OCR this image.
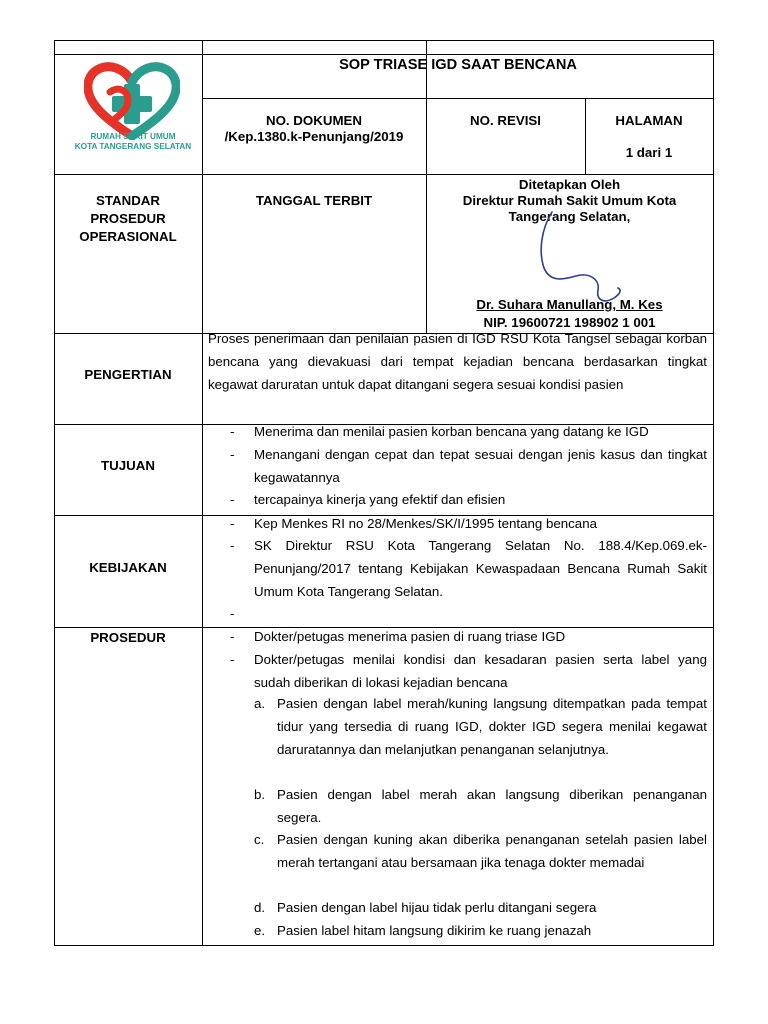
RUMAH SAKIT UMUM
KOTA TANGERANG SELATAN
SOP TRIASE IGD SAAT BENCANA
NO. DOKUMEN
/Kep.1380.k-Penunjang/2019
NO. REVISI	HALAMAN
1 dari 1
STANDAR
PROSEDUR
OPERASIONAL
TANGGAL TERBIT
Ditetapkan Oleh
Direktur Rumah Sakit Umum Kota
Tangerang Selatan,
Dr. Suhara Manullang, M. Kes
NIP. 19600721 198902 1 001
PENGERTIAN
Proses penerimaan dan penilaian pasien di IGD RSU Kota Tangsel sebagai korban bencana yang dievakuasi dari tempat kejadian bencana berdasarkan tingkat kegawat daruratan untuk dapat ditangani segera sesuai kondisi pasien
TUJUAN
- Menerima dan menilai pasien korban bencana yang datang ke IGD
- Menangani dengan cepat dan tepat sesuai dengan jenis kasus dan tingkat kegawatannya
- tercapainya kinerja yang efektif dan efisien
KEBIJAKAN
- Kep Menkes RI no 28/Menkes/SK/I/1995 tentang bencana
- SK Direktur RSU Kota Tangerang Selatan No. 188.4/Kep.069.ek-Penunjang/2017 tentang Kebijakan Kewaspadaan Bencana Rumah Sakit Umum Kota Tangerang Selatan.
-
PROSEDUR	- Dokter/petugas menerima pasien di ruang triase IGD
- Dokter/petugas menilai kondisi dan kesadaran pasien serta label yang sudah diberikan di lokasi kejadian bencana
a. Pasien dengan label merah/kuning langsung ditempatkan pada tempat tidur yang tersedia di ruang IGD, dokter IGD segera menilai kegawat daruratannya dan melanjutkan penanganan selanjutnya.
b. Pasien dengan label merah akan langsung diberikan penanganan segera.
c. Pasien dengan kuning akan diberika penanganan setelah pasien label merah tertangani atau bersamaan jika tenaga dokter memadai
d. Pasien dengan label hijau tidak perlu ditangani segera
e. Pasien label hitam langsung dikirim ke ruang jenazah
